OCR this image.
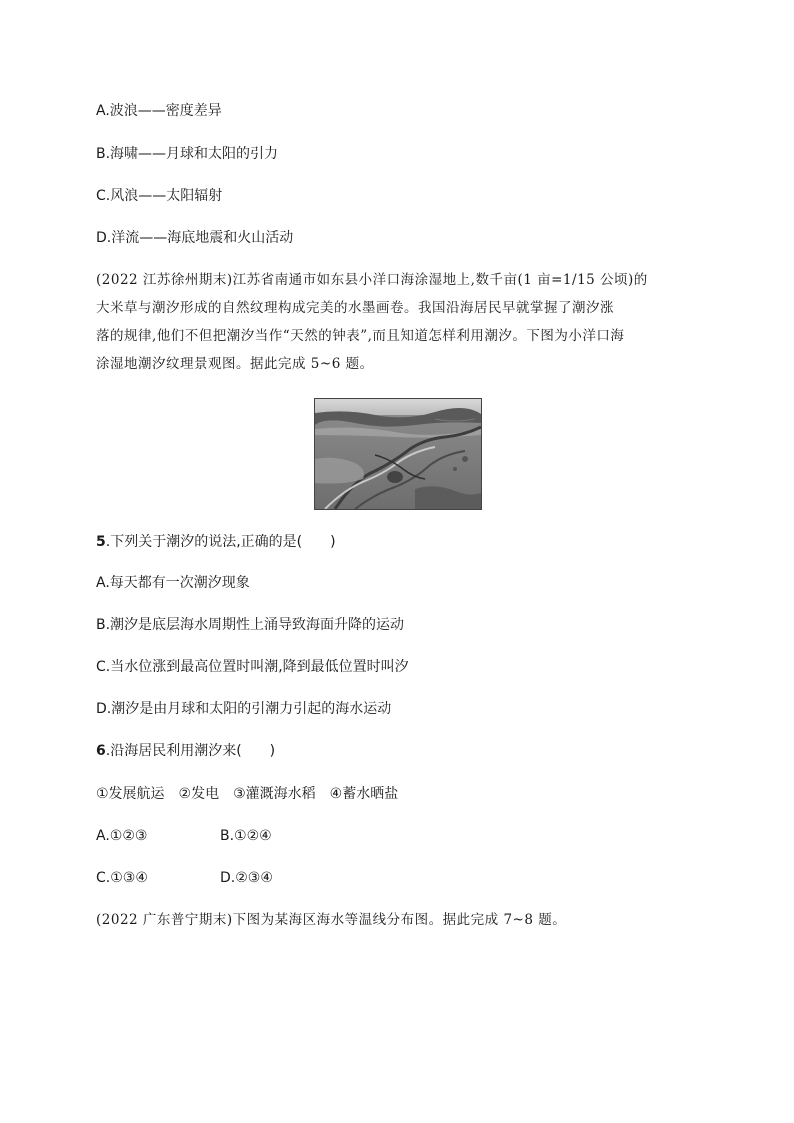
A.波浪——密度差异
B.海啸——月球和太阳的引力
C.风浪——太阳辐射
D.洋流——海底地震和火山活动
(2022 江苏徐州期末)江苏省南通市如东县小洋口海涂湿地上,数千亩(1 亩=1/15 公顷)的
大米草与潮汐形成的自然纹理构成完美的水墨画卷。我国沿海居民早就掌握了潮汐涨
落的规律,他们不但把潮汐当作“天然的钟表”,而且知道怎样利用潮汐。下图为小洋口海
涂湿地潮汐纹理景观图。据此完成 5~6 题。
5.下列关于潮汐的说法,正确的是(　　)
A.每天都有一次潮汐现象
B.潮汐是底层海水周期性上涌导致海面升降的运动
C.当水位涨到最高位置时叫潮,降到最低位置时叫汐
D.潮汐是由月球和太阳的引潮力引起的海水运动
6.沿海居民利用潮汐来(　　)
①发展航运　②发电　③灌溉海水稻　④蓄水晒盐
A.①②③	B.①②④
C.①③④	D.②③④
(2022 广东普宁期末)下图为某海区海水等温线分布图。据此完成 7~8 题。
